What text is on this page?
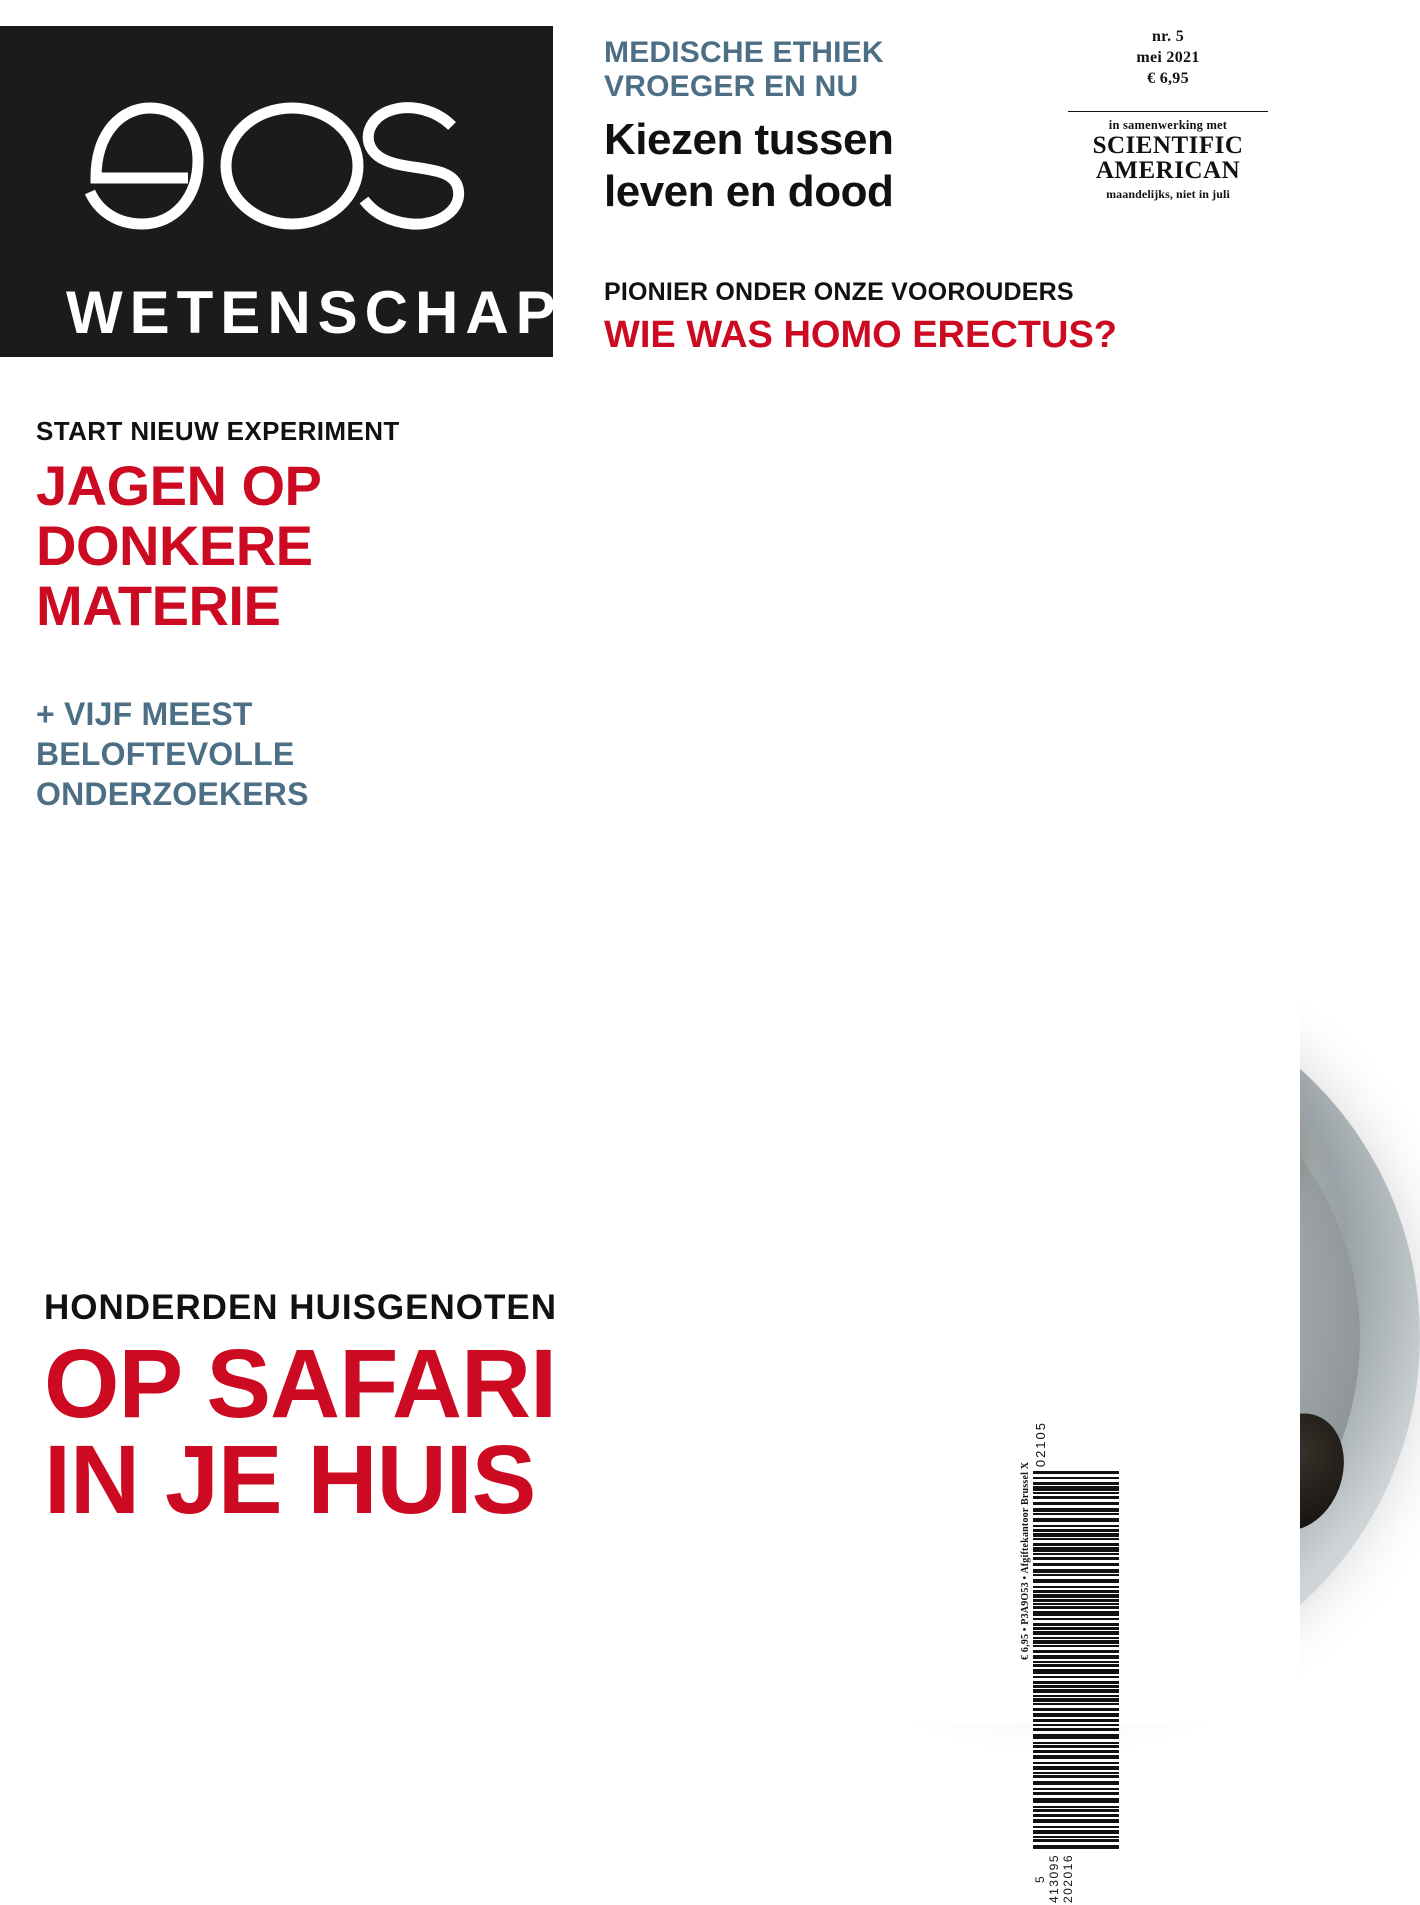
WETENSCHAP
nr. 5
mei 2021
€ 6,95
in samenwerking met
SCIENTIFIC
AMERICAN
maandelijks, niet in juli
MEDISCHE ETHIEK
VROEGER EN NU
Kiezen tussen
leven en dood
PIONIER ONDER ONZE VOOROUDERS
WIE WAS HOMO ERECTUS?
START NIEUW EXPERIMENT
JAGEN OP
DONKERE
MATERIE
+ VIJF MEEST
BELOFTEVOLLE
ONDERZOEKERS
HONDERDEN HUISGENOTEN
OP SAFARI
IN JE HUIS	€ 6,95 • P3A9O53 • Afgiftekantoor Brussel X
02105
5 413095 202016
